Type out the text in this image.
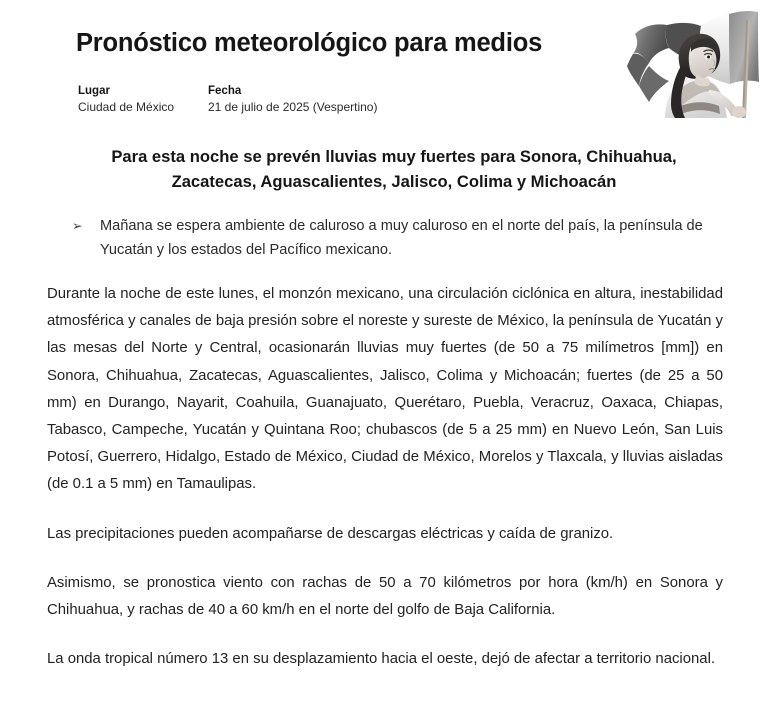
Pronóstico meteorológico para medios
Lugar
Ciudad de México
Fecha
21 de julio de 2025 (Vespertino)
Para esta noche se prevén lluvias muy fuertes para Sonora, Chihuahua, Zacatecas, Aguascalientes, Jalisco, Colima y Michoacán
➢	Mañana se espera ambiente de caluroso a muy caluroso en el norte del país, la península de Yucatán y los estados del Pacífico mexicano.

Durante la noche de este lunes, el monzón mexicano, una circulación ciclónica en altura, inestabilidad atmosférica y canales de baja presión sobre el noreste y sureste de México, la península de Yucatán y las mesas del Norte y Central, ocasionarán lluvias muy fuertes (de 50 a 75 milímetros [mm]) en Sonora, Chihuahua, Zacatecas, Aguascalientes, Jalisco, Colima y Michoacán; fuertes (de 25 a 50 mm) en Durango, Nayarit, Coahuila, Guanajuato, Querétaro, Puebla, Veracruz, Oaxaca, Chiapas, Tabasco, Campeche, Yucatán y Quintana Roo; chubascos (de 5 a 25 mm) en Nuevo León, San Luis Potosí, Guerrero, Hidalgo, Estado de México, Ciudad de México, Morelos y Tlaxcala, y lluvias aisladas (de 0.1 a 5 mm) en Tamaulipas.

Las precipitaciones pueden acompañarse de descargas eléctricas y caída de granizo.

Asimismo, se pronostica viento con rachas de 50 a 70 kilómetros por hora (km/h) en Sonora y Chihuahua, y rachas de 40 a 60 km/h en el norte del golfo de Baja California.

La onda tropical número 13 en su desplazamiento hacia el oeste, dejó de afectar a territorio nacional.
